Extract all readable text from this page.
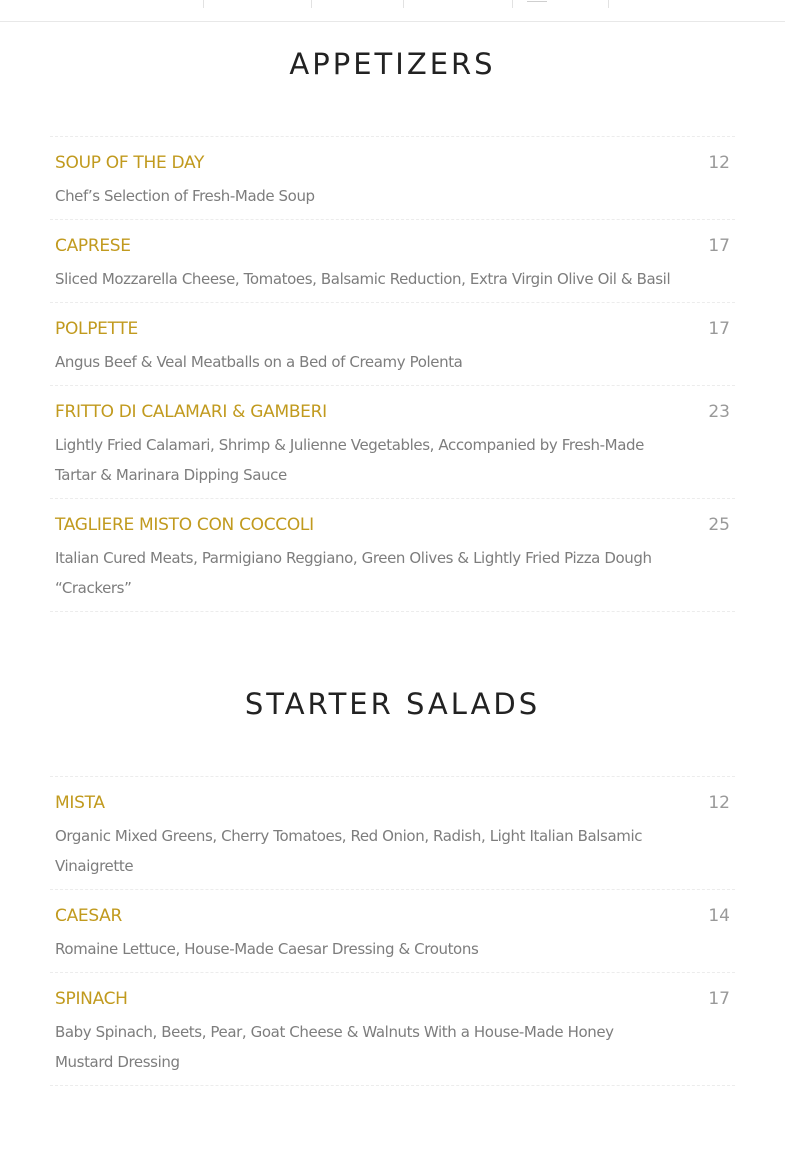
APPETIZERS
SOUP OF THE DAY	12
Chef’s Selection of Fresh-Made Soup
CAPRESE	17
Sliced Mozzarella Cheese, Tomatoes, Balsamic Reduction, Extra Virgin Olive Oil & Basil
POLPETTE	17
Angus Beef & Veal Meatballs on a Bed of Creamy Polenta
FRITTO DI CALAMARI & GAMBERI	23
Lightly Fried Calamari, Shrimp & Julienne Vegetables, Accompanied by Fresh-Made Tartar & Marinara Dipping Sauce
TAGLIERE MISTO CON COCCOLI	25
Italian Cured Meats, Parmigiano Reggiano, Green Olives & Lightly Fried Pizza Dough “Crackers”
STARTER SALADS
MISTA	12
Organic Mixed Greens, Cherry Tomatoes, Red Onion, Radish, Light Italian Balsamic Vinaigrette
CAESAR	14
Romaine Lettuce, House-Made Caesar Dressing & Croutons
SPINACH	17
Baby Spinach, Beets, Pear, Goat Cheese & Walnuts With a House-Made Honey Mustard Dressing
